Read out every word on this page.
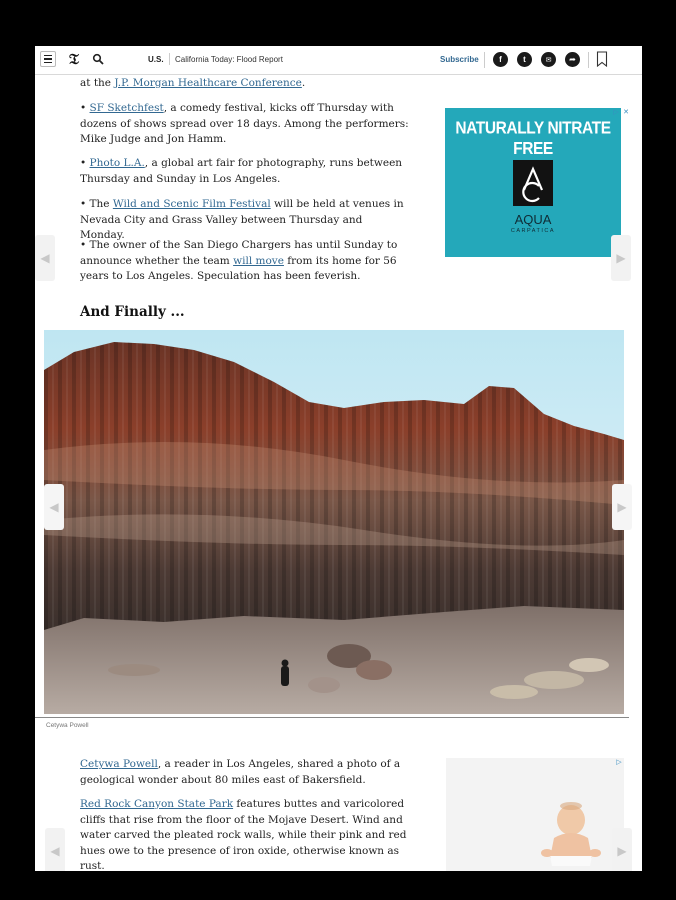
𝔗	U.S. California Today: Flood Report	Subscribe	f	t	✉	➦

at the J.P. Morgan Healthcare Conference.

• SF Sketchfest, a comedy festival, kicks off Thursday with dozens of shows spread over 18 days. Among the performers: Mike Judge and Jon Hamm.

• Photo L.A., a global art fair for photography, runs between Thursday and Sunday in Los Angeles.

• The Wild and Scenic Film Festival will be held at venues in Nevada City and Grass Valley between Thursday and Monday.

• The owner of the San Diego Chargers has until Sunday to announce whether the team will move from its home for 56 years to Los Angeles. Speculation has been feverish.

And Finally ...
NATURALLY NITRATE FREE
AQUA
CARPATICA
▷ ✕
Cetywa Powell

Cetywa Powell, a reader in Los Angeles, shared a photo of a geological wonder about 80 miles east of Bakersfield.

Red Rock Canyon State Park features buttes and varicolored cliffs that rise from the floor of the Mojave Desert. Wind and water carved the pleated rock walls, while their pink and red hues owe to the presence of iron oxide, otherwise known as rust.

▷
◀	▶
◀	▶
◀	▶
